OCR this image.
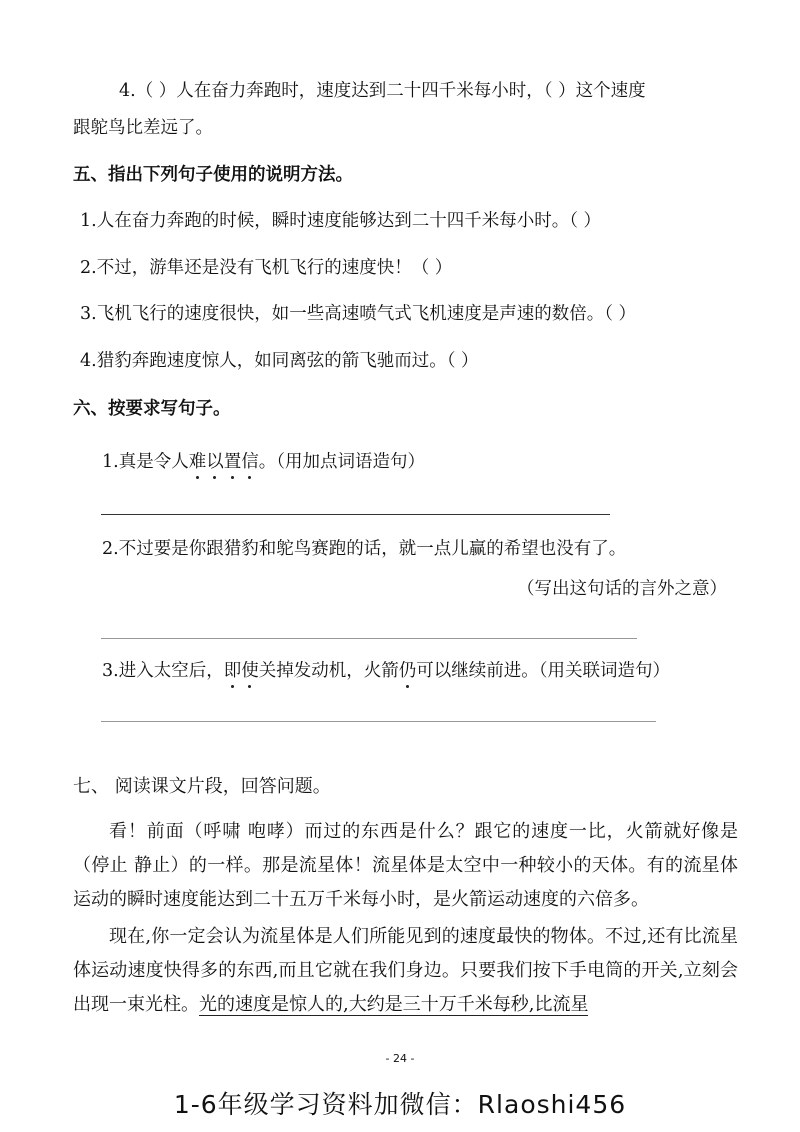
4.（ ）人在奋力奔跑时，速度达到二十四千米每小时，（ ）这个速度
跟鸵鸟比差远了。
五、指出下列句子使用的说明方法。
1.人在奋力奔跑的时候，瞬时速度能够达到二十四千米每小时。（ ）
2.不过，游隼还是没有飞机飞行的速度快！（ ）
3.飞机飞行的速度很快，如一些高速喷气式飞机速度是声速的数倍。（ ）
4.猎豹奔跑速度惊人，如同离弦的箭飞驰而过。（ ）
六、按要求写句子。
1.真是令人难以置信。（用加点词语造句）
2.不过要是你跟猎豹和鸵鸟赛跑的话，就一点儿赢的希望也没有了。
（写出这句话的言外之意）
3.进入太空后，即使关掉发动机，火箭仍可以继续前进。（用关联词造句）
七、 阅读课文片段，回答问题。
看！前面（呼啸 咆哮）而过的东西是什么？跟它的速度一比，火箭就好像是（停止 静止）的一样。那是流星体！流星体是太空中一种较小的天体。有的流星体运动的瞬时速度能达到二十五万千米每小时，是火箭运动速度的六倍多。
现在,你一定会认为流星体是人们所能见到的速度最快的物体。不过,还有比流星体运动速度快得多的东西,而且它就在我们身边。只要我们按下手电筒的开关,立刻会出现一束光柱。光的速度是惊人的,大约是三十万千米每秒,比流星
- 24 -
1-6年级学习资料加微信：Rlaoshi456
